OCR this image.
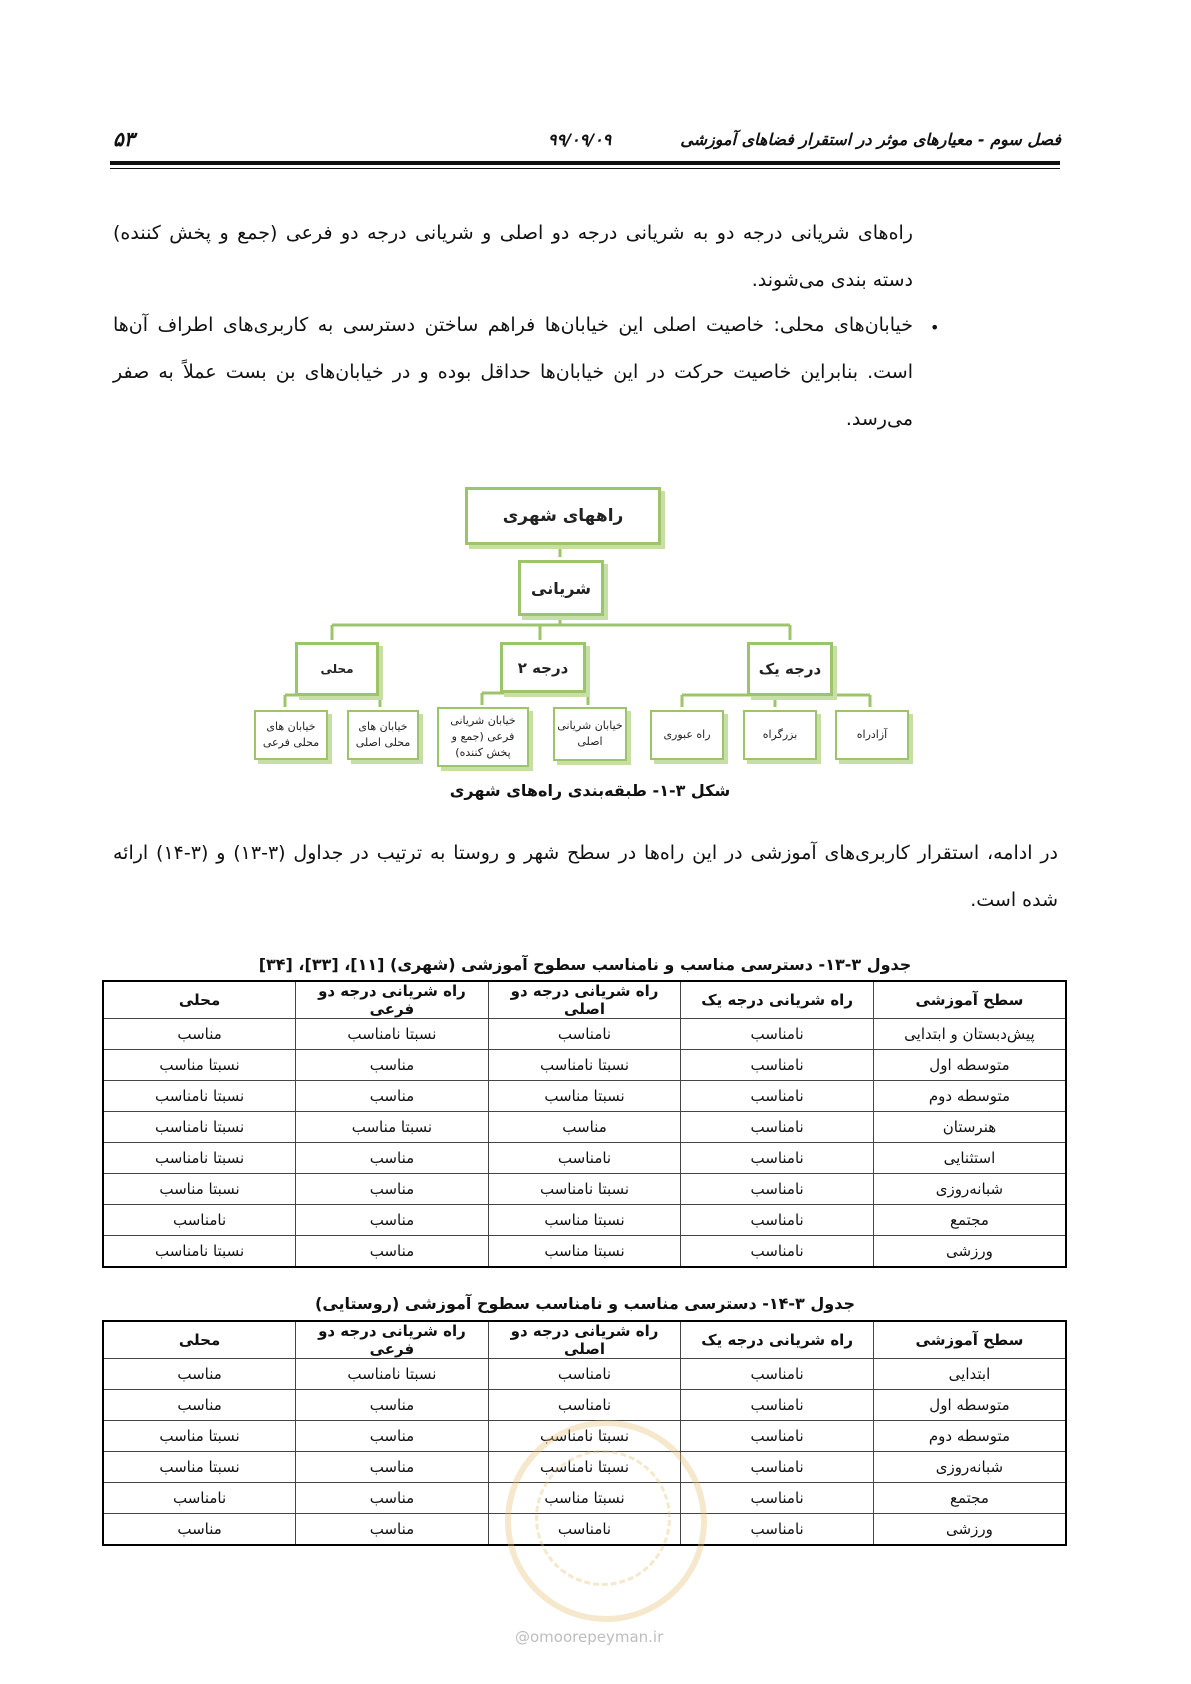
فصل سوم - معیارهای موثر در استقرار فضاهای آموزشی
۹۹/۰۹/۰۹
۵۳
راه‌های شریانی درجه دو به شریانی درجه دو اصلی و شریانی درجه دو فرعی (جمع و پخش کننده) دسته بندی می‌شوند.
•
خیابان‌های محلی: خاصیت اصلی این خیابان‌ها فراهم ساختن دسترسی به کاربری‌های اطراف آن‌ها است. بنابراین خاصیت حرکت در این خیابان‌ها حداقل بوده و در خیابان‌های بن بست عملاً به صفر می‌رسد.
راههای شهری
شریانی
درجه یک
درجه ۲
محلی
آزادراه
بزرگراه
راه عبوری
خیابان شریانی اصلی
خیابان شریانی فرعی (جمع و پخش کننده)
خیابان های محلی اصلی
خیابان های محلی فرعی
شکل ۳-۱- طبقه‌بندی راه‌های شهری
در ادامه، استقرار کاربری‌های آموزشی در این راه‌ها در سطح شهر و روستا به ترتیب در جداول (۳-۱۳) و (۳-۱۴) ارائه شده است.
جدول ۳-۱۳- دسترسی مناسب و نامناسب سطوح آموزشی (شهری) [۱۱]، [۳۳]، [۳۴]
سطح آموزشی	راه شریانی درجه یک	راه شریانی درجه دو اصلی	راه شریانی درجه دو فرعی	محلی
پیش‌دبستان و ابتدایی	نامناسب	نامناسب	نسبتا نامناسب	مناسب
متوسطه اول	نامناسب	نسبتا نامناسب	مناسب	نسبتا مناسب
متوسطه دوم	نامناسب	نسبتا مناسب	مناسب	نسبتا نامناسب
هنرستان	نامناسب	مناسب	نسبتا مناسب	نسبتا نامناسب
استثنایی	نامناسب	نامناسب	مناسب	نسبتا نامناسب
شبانه‌روزی	نامناسب	نسبتا نامناسب	مناسب	نسبتا مناسب
مجتمع	نامناسب	نسبتا مناسب	مناسب	نامناسب
ورزشی	نامناسب	نسبتا مناسب	مناسب	نسبتا نامناسب
جدول ۳-۱۴- دسترسی مناسب و نامناسب سطوح آموزشی (روستایی)
سطح آموزشی	راه شریانی درجه یک	راه شریانی درجه دو اصلی	راه شریانی درجه دو فرعی	محلی
ابتدایی	نامناسب	نامناسب	نسبتا نامناسب	مناسب
متوسطه اول	نامناسب	نامناسب	مناسب	مناسب
متوسطه دوم	نامناسب	نسبتا نامناسب	مناسب	نسبتا مناسب
شبانه‌روزی	نامناسب	نسبتا نامناسب	مناسب	نسبتا مناسب
مجتمع	نامناسب	نسبتا مناسب	مناسب	نامناسب
ورزشی	نامناسب	نامناسب	مناسب	مناسب
@omoorepeyman.ir
